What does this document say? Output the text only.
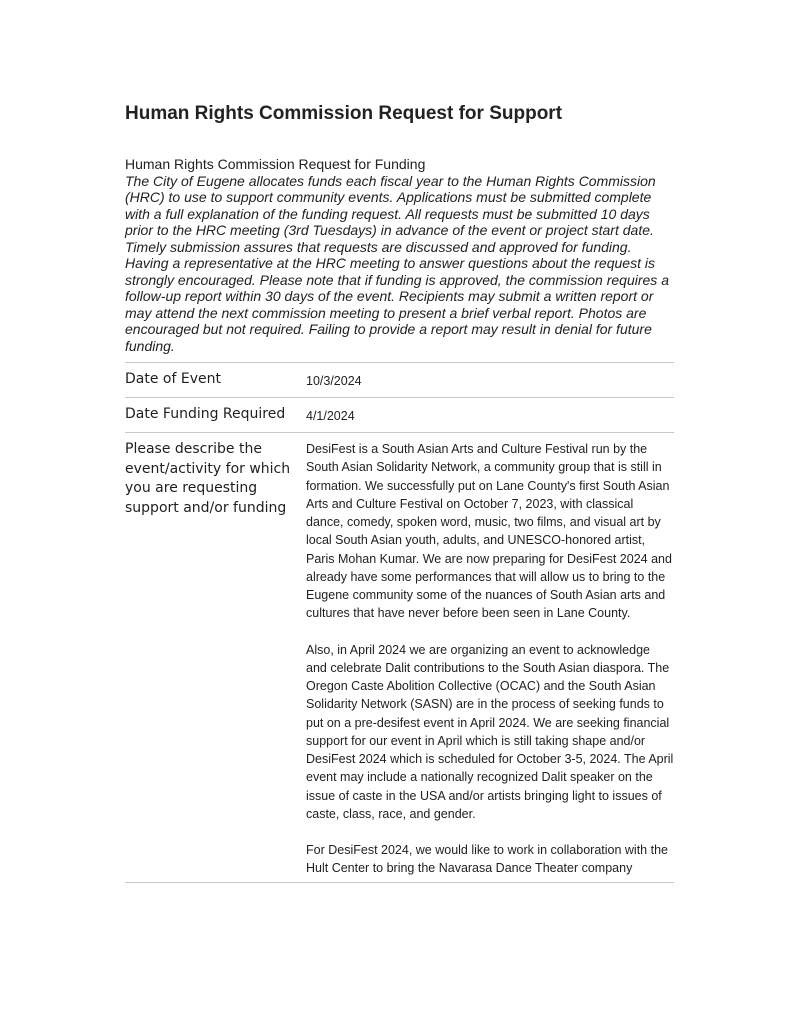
Human Rights Commission Request for Support
Human Rights Commission Request for Funding
The City of Eugene allocates funds each fiscal year to the Human Rights Commission (HRC) to use to support community events. Applications must be submitted complete with a full explanation of the funding request. All requests must be submitted 10 days prior to the HRC meeting (3rd Tuesdays) in advance of the event or project start date. Timely submission assures that requests are discussed and approved for funding. Having a representative at the HRC meeting to answer questions about the request is strongly encouraged. Please note that if funding is approved, the commission requires a follow-up report within 30 days of the event. Recipients may submit a written report or may attend the next commission meeting to present a brief verbal report. Photos are encouraged but not required. Failing to provide a report may result in denial for future funding.
Date of Event	10/3/2024
Date Funding Required	4/1/2024
Please describe the event/activity for which you are requesting support and/or funding
DesiFest is a South Asian Arts and Culture Festival run by the South Asian Solidarity Network, a community group that is still in formation. We successfully put on Lane County's first South Asian Arts and Culture Festival on October 7, 2023, with classical dance, comedy, spoken word, music, two films, and visual art by local South Asian youth, adults, and UNESCO-honored artist, Paris Mohan Kumar. We are now preparing for DesiFest 2024 and already have some performances that will allow us to bring to the Eugene community some of the nuances of South Asian arts and cultures that have never before been seen in Lane County.
Also, in April 2024 we are organizing an event to acknowledge and celebrate Dalit contributions to the South Asian diaspora. The Oregon Caste Abolition Collective (OCAC) and the South Asian Solidarity Network (SASN) are in the process of seeking funds to put on a pre-desifest event in April 2024. We are seeking financial support for our event in April which is still taking shape and/or DesiFest 2024 which is scheduled for October 3-5, 2024. The April event may include a nationally recognized Dalit speaker on the issue of caste in the USA and/or artists bringing light to issues of caste, class, race, and gender.
For DesiFest 2024, we would like to work in collaboration with the Hult Center to bring the Navarasa Dance Theater company
